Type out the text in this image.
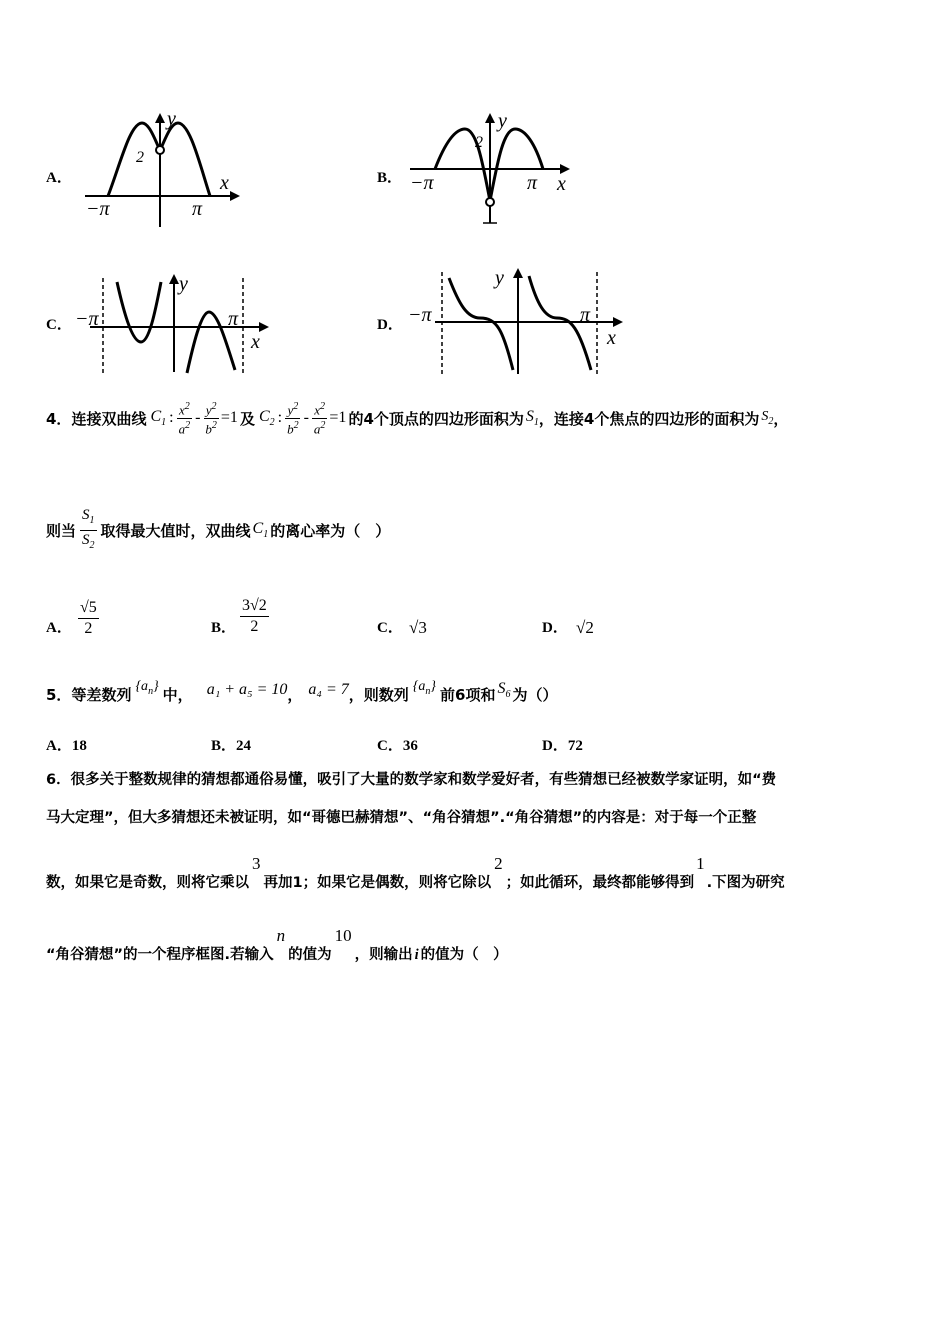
A．
2
y
x
−π	π
B．
2
y
x
−π	π
C．
y
x
−π	π	D．
y
x
−π	π
4． 连接双曲线 $C_1$ : $\frac{x^2}{a^2} - \frac{y^2}{b^2} =1$ 及 $C_2$ : $\frac{y^2}{b^2} - \frac{x^2}{a^2} =1$ 的4个顶点的四边形面积为 $S_1$ ，连接4个焦点的四边形的面积为 $S_2$ ，
则当 $\frac{S_1}{S_2}$ 取得最大值时，双曲线 $C_1$ 的离心率为（　）
A． $\frac{√5}{2}$	B． $\frac{3√2}{2}$	C． √3	D． √2
5． 等差数列 $\{a_n\}$ 中， a₁ + a₅ = 10 ， a₄ = 7 ，则数列 $\{a_n\}$ 前6项和 $S_6$ 为（）
A．18	B．24	C．36	D．72
6．很多关于整数规律的猜想都通俗易懂，吸引了大量的数学家和数学爱好者，有些猜想已经被数学家证明，如“费
马大定理”，但大多猜想还未被证明，如“哥德巴赫猜想”、“角谷猜想”.“角谷猜想”的内容是：对于每一个正整
数，如果它是奇数，则将它乘以
3
再加1；如果它是偶数，则将它除以
2
；如此循环，最终都能够得到
1
.下图为研究
“角谷猜想”的一个程序框图.若输入
n
的值为
10
，则输出 i 的值为（　）
